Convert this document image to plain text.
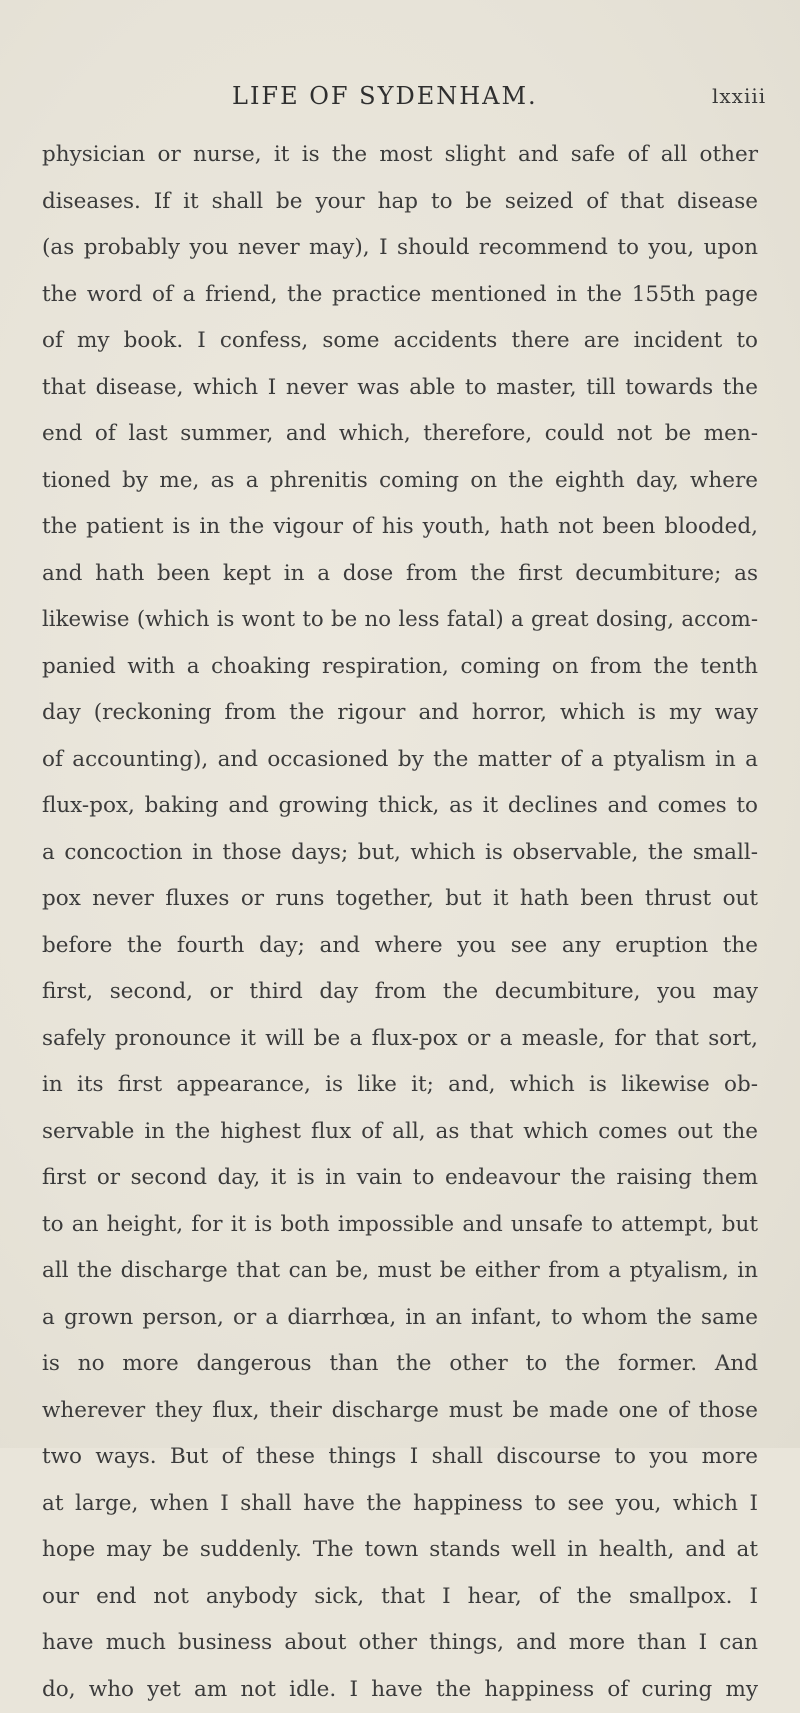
LIFE OF SYDENHAM.	lxxiii
physician or nurse, it is the most slight and safe of all other
diseases. If it shall be your hap to be seized of that disease
(as probably you never may), I should recommend to you, upon
the word of a friend, the practice mentioned in the 155th page
of my book. I confess, some accidents there are incident to
that disease, which I never was able to master, till towards the
end of last summer, and which, therefore, could not be men-
tioned by me, as a phrenitis coming on the eighth day, where
the patient is in the vigour of his youth, hath not been blooded,
and hath been kept in a dose from the first decumbiture; as
likewise (which is wont to be no less fatal) a great dosing, accom-
panied with a choaking respiration, coming on from the tenth
day (reckoning from the rigour and horror, which is my way
of accounting), and occasioned by the matter of a ptyalism in a
flux-pox, baking and growing thick, as it declines and comes to
a concoction in those days; but, which is observable, the small-
pox never fluxes or runs together, but it hath been thrust out
before the fourth day; and where you see any eruption the
first, second, or third day from the decumbiture, you may
safely pronounce it will be a flux-pox or a measle, for that sort,
in its first appearance, is like it; and, which is likewise ob-
servable in the highest flux of all, as that which comes out the
first or second day, it is in vain to endeavour the raising them
to an height, for it is both impossible and unsafe to attempt, but
all the discharge that can be, must be either from a ptyalism, in
a grown person, or a diarrhœa, in an infant, to whom the same
is no more dangerous than the other to the former. And
wherever they flux, their discharge must be made one of those
two ways. But of these things I shall discourse to you more
at large, when I shall have the happiness to see you, which I
hope may be suddenly. The town stands well in health, and at
our end not anybody sick, that I hear, of the smallpox. I
have much business about other things, and more than I can
do, who yet am not idle. I have the happiness of curing my
